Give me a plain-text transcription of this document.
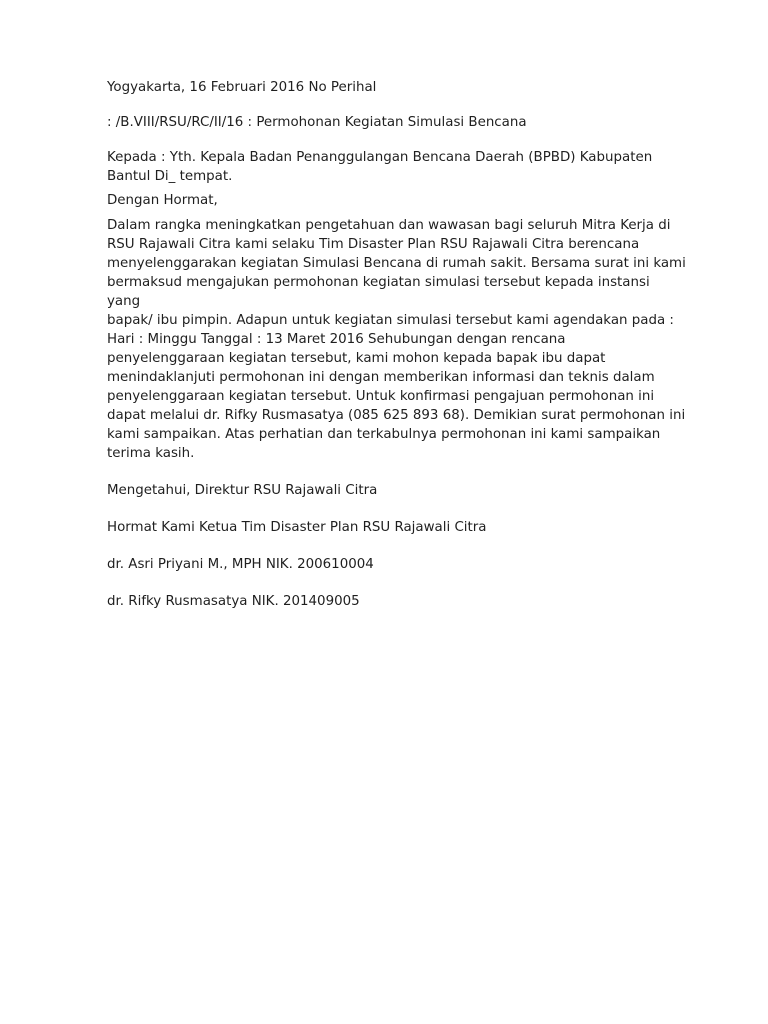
Yogyakarta, 16 Februari 2016 No Perihal

: /B.VIII/RSU/RC/II/16 : Permohonan Kegiatan Simulasi Bencana

Kepada : Yth. Kepala Badan Penanggulangan Bencana Daerah (BPBD) Kabupaten
Bantul Di_ tempat.

Dengan Hormat,

Dalam rangka meningkatkan pengetahuan dan wawasan bagi seluruh Mitra Kerja di
RSU Rajawali Citra kami selaku Tim Disaster Plan RSU Rajawali Citra berencana
menyelenggarakan kegiatan Simulasi Bencana di rumah sakit. Bersama surat ini kami
bermaksud mengajukan permohonan kegiatan simulasi tersebut kepada instansi yang
bapak/ ibu pimpin. Adapun untuk kegiatan simulasi tersebut kami agendakan pada :
Hari : Minggu Tanggal : 13 Maret 2016 Sehubungan dengan rencana
penyelenggaraan kegiatan tersebut, kami mohon kepada bapak ibu dapat
menindaklanjuti permohonan ini dengan memberikan informasi dan teknis dalam
penyelenggaraan kegiatan tersebut. Untuk konfirmasi pengajuan permohonan ini
dapat melalui dr. Rifky Rusmasatya (085 625 893 68). Demikian surat permohonan ini
kami sampaikan. Atas perhatian dan terkabulnya permohonan ini kami sampaikan
terima kasih.

Mengetahui, Direktur RSU Rajawali Citra

Hormat Kami Ketua Tim Disaster Plan RSU Rajawali Citra

dr. Asri Priyani M., MPH NIK. 200610004

dr. Rifky Rusmasatya NIK. 201409005
